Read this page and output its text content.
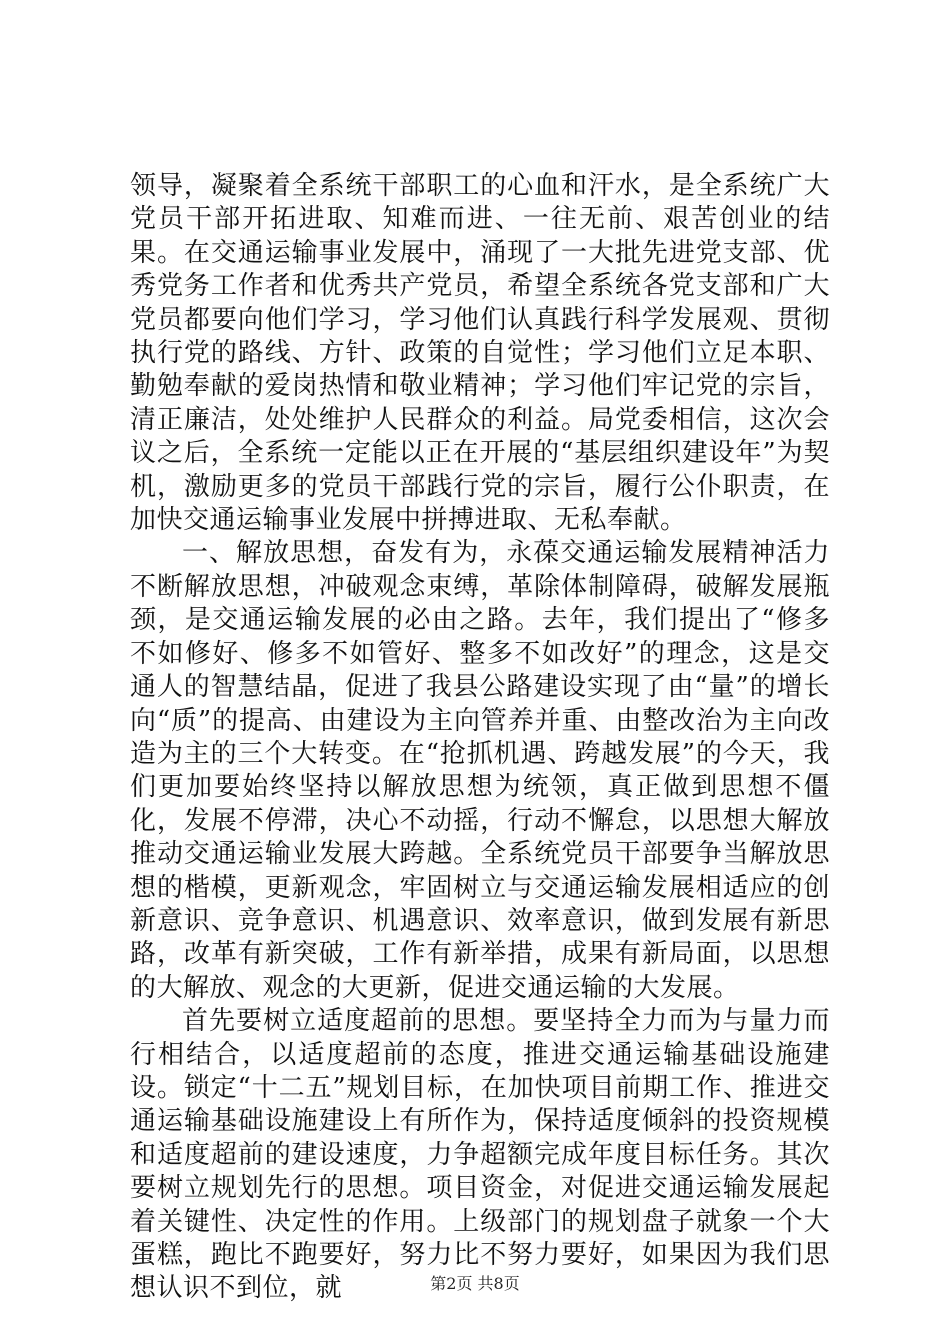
领导，凝聚着全系统干部职工的心血和汗水，是全系统广大党员干部开拓进取、知难而进、一往无前、艰苦创业的结果。在交通运输事业发展中，涌现了一大批先进党支部、优秀党务工作者和优秀共产党员，希望全系统各党支部和广大党员都要向他们学习，学习他们认真践行科学发展观、贯彻执行党的路线、方针、政策的自觉性；学习他们立足本职、勤勉奉献的爱岗热情和敬业精神；学习他们牢记党的宗旨，清正廉洁，处处维护人民群众的利益。局党委相信，这次会议之后，全系统一定能以正在开展的“基层组织建设年”为契机，激励更多的党员干部践行党的宗旨，履行公仆职责，在加快交通运输事业发展中拼搏进取、无私奉献。

一、解放思想，奋发有为，永葆交通运输发展精神活力不断解放思想，冲破观念束缚，革除体制障碍，破解发展瓶颈，是交通运输发展的必由之路。去年，我们提出了“修多不如修好、修多不如管好、整多不如改好”的理念，这是交通人的智慧结晶，促进了我县公路建设实现了由“量”的增长向“质”的提高、由建设为主向管养并重、由整改治为主向改造为主的三个大转变。在“抢抓机遇、跨越发展”的今天，我们更加要始终坚持以解放思想为统领，真正做到思想不僵化，发展不停滞，决心不动摇，行动不懈怠，以思想大解放推动交通运输业发展大跨越。全系统党员干部要争当解放思想的楷模，更新观念，牢固树立与交通运输发展相适应的创新意识、竞争意识、机遇意识、效率意识，做到发展有新思路，改革有新突破，工作有新举措，成果有新局面，以思想的大解放、观念的大更新，促进交通运输的大发展。

首先要树立适度超前的思想。要坚持全力而为与量力而行相结合，以适度超前的态度，推进交通运输基础设施建设。锁定“十二五”规划目标，在加快项目前期工作、推进交通运输基础设施建设上有所作为，保持适度倾斜的投资规模和适度超前的建设速度，力争超额完成年度目标任务。其次要树立规划先行的思想。项目资金，对促进交通运输发展起着关键性、决定性的作用。上级部门的规划盘子就象一个大蛋糕，跑比不跑要好，努力比不努力要好，如果因为我们思想认识不到位，就	第2页 共8页
